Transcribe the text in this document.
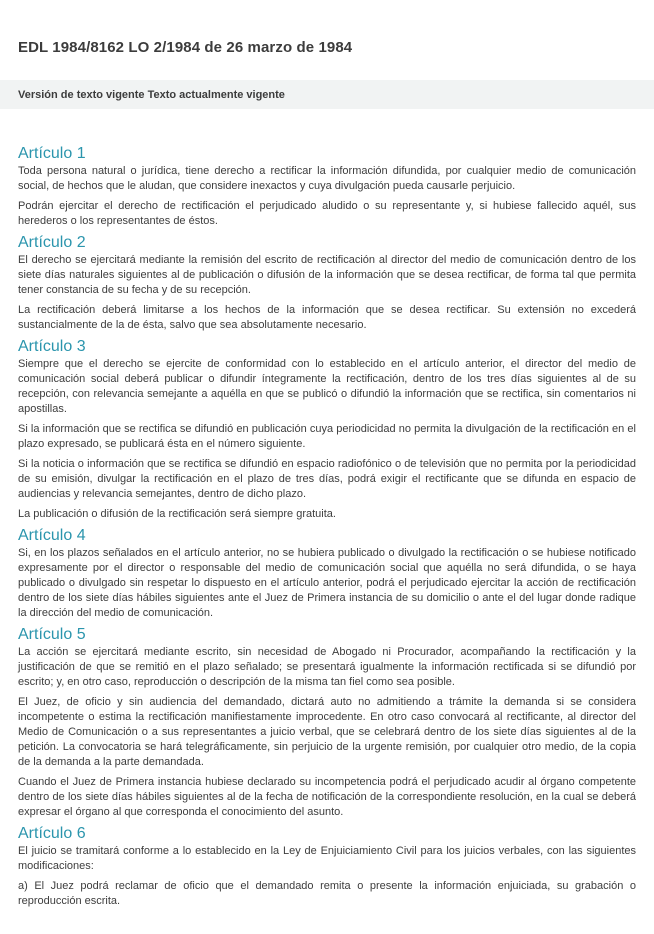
EDL 1984/8162 LO 2/1984 de 26 marzo de 1984
Versión de texto vigente Texto actualmente vigente
Artículo 1

Toda persona natural o jurídica, tiene derecho a rectificar la información difundida, por cualquier medio de comunicación social, de hechos que le aludan, que considere inexactos y cuya divulgación pueda causarle perjuicio.

Podrán ejercitar el derecho de rectificación el perjudicado aludido o su representante y, si hubiese fallecido aquél, sus herederos o los representantes de éstos.

Artículo 2

El derecho se ejercitará mediante la remisión del escrito de rectificación al director del medio de comunicación dentro de los siete días naturales siguientes al de publicación o difusión de la información que se desea rectificar, de forma tal que permita tener constancia de su fecha y de su recepción.

La rectificación deberá limitarse a los hechos de la información que se desea rectificar. Su extensión no excederá sustancialmente de la de ésta, salvo que sea absolutamente necesario.

Artículo 3

Siempre que el derecho se ejercite de conformidad con lo establecido en el artículo anterior, el director del medio de comunicación social deberá publicar o difundir íntegramente la rectificación, dentro de los tres días siguientes al de su recepción, con relevancia semejante a aquélla en que se publicó o difundió la información que se rectifica, sin comentarios ni apostillas.

Si la información que se rectifica se difundió en publicación cuya periodicidad no permita la divulgación de la rectificación en el plazo expresado, se publicará ésta en el número siguiente.

Si la noticia o información que se rectifica se difundió en espacio radiofónico o de televisión que no permita por la periodicidad de su emisión, divulgar la rectificación en el plazo de tres días, podrá exigir el rectificante que se difunda en espacio de audiencias y relevancia semejantes, dentro de dicho plazo.

La publicación o difusión de la rectificación será siempre gratuita.

Artículo 4

Si, en los plazos señalados en el artículo anterior, no se hubiera publicado o divulgado la rectificación o se hubiese notificado expresamente por el director o responsable del medio de comunicación social que aquélla no será difundida, o se haya publicado o divulgado sin respetar lo dispuesto en el artículo anterior, podrá el perjudicado ejercitar la acción de rectificación dentro de los siete días hábiles siguientes ante el Juez de Primera instancia de su domicilio o ante el del lugar donde radique la dirección del medio de comunicación.

Artículo 5

La acción se ejercitará mediante escrito, sin necesidad de Abogado ni Procurador, acompañando la rectificación y la justificación de que se remitió en el plazo señalado; se presentará igualmente la información rectificada si se difundió por escrito; y, en otro caso, reproducción o descripción de la misma tan fiel como sea posible.

El Juez, de oficio y sin audiencia del demandado, dictará auto no admitiendo a trámite la demanda si se considera incompetente o estima la rectificación manifiestamente improcedente. En otro caso convocará al rectificante, al director del Medio de Comunicación o a sus representantes a juicio verbal, que se celebrará dentro de los siete días siguientes al de la petición. La convocatoria se hará telegráficamente, sin perjuicio de la urgente remisión, por cualquier otro medio, de la copia de la demanda a la parte demandada.

Cuando el Juez de Primera instancia hubiese declarado su incompetencia podrá el perjudicado acudir al órgano competente dentro de los siete días hábiles siguientes al de la fecha de notificación de la correspondiente resolución, en la cual se deberá expresar el órgano al que corresponda el conocimiento del asunto.

Artículo 6

El juicio se tramitará conforme a lo establecido en la Ley de Enjuiciamiento Civil para los juicios verbales, con las siguientes modificaciones:

a) El Juez podrá reclamar de oficio que el demandado remita o presente la información enjuiciada, su grabación o reproducción escrita.
